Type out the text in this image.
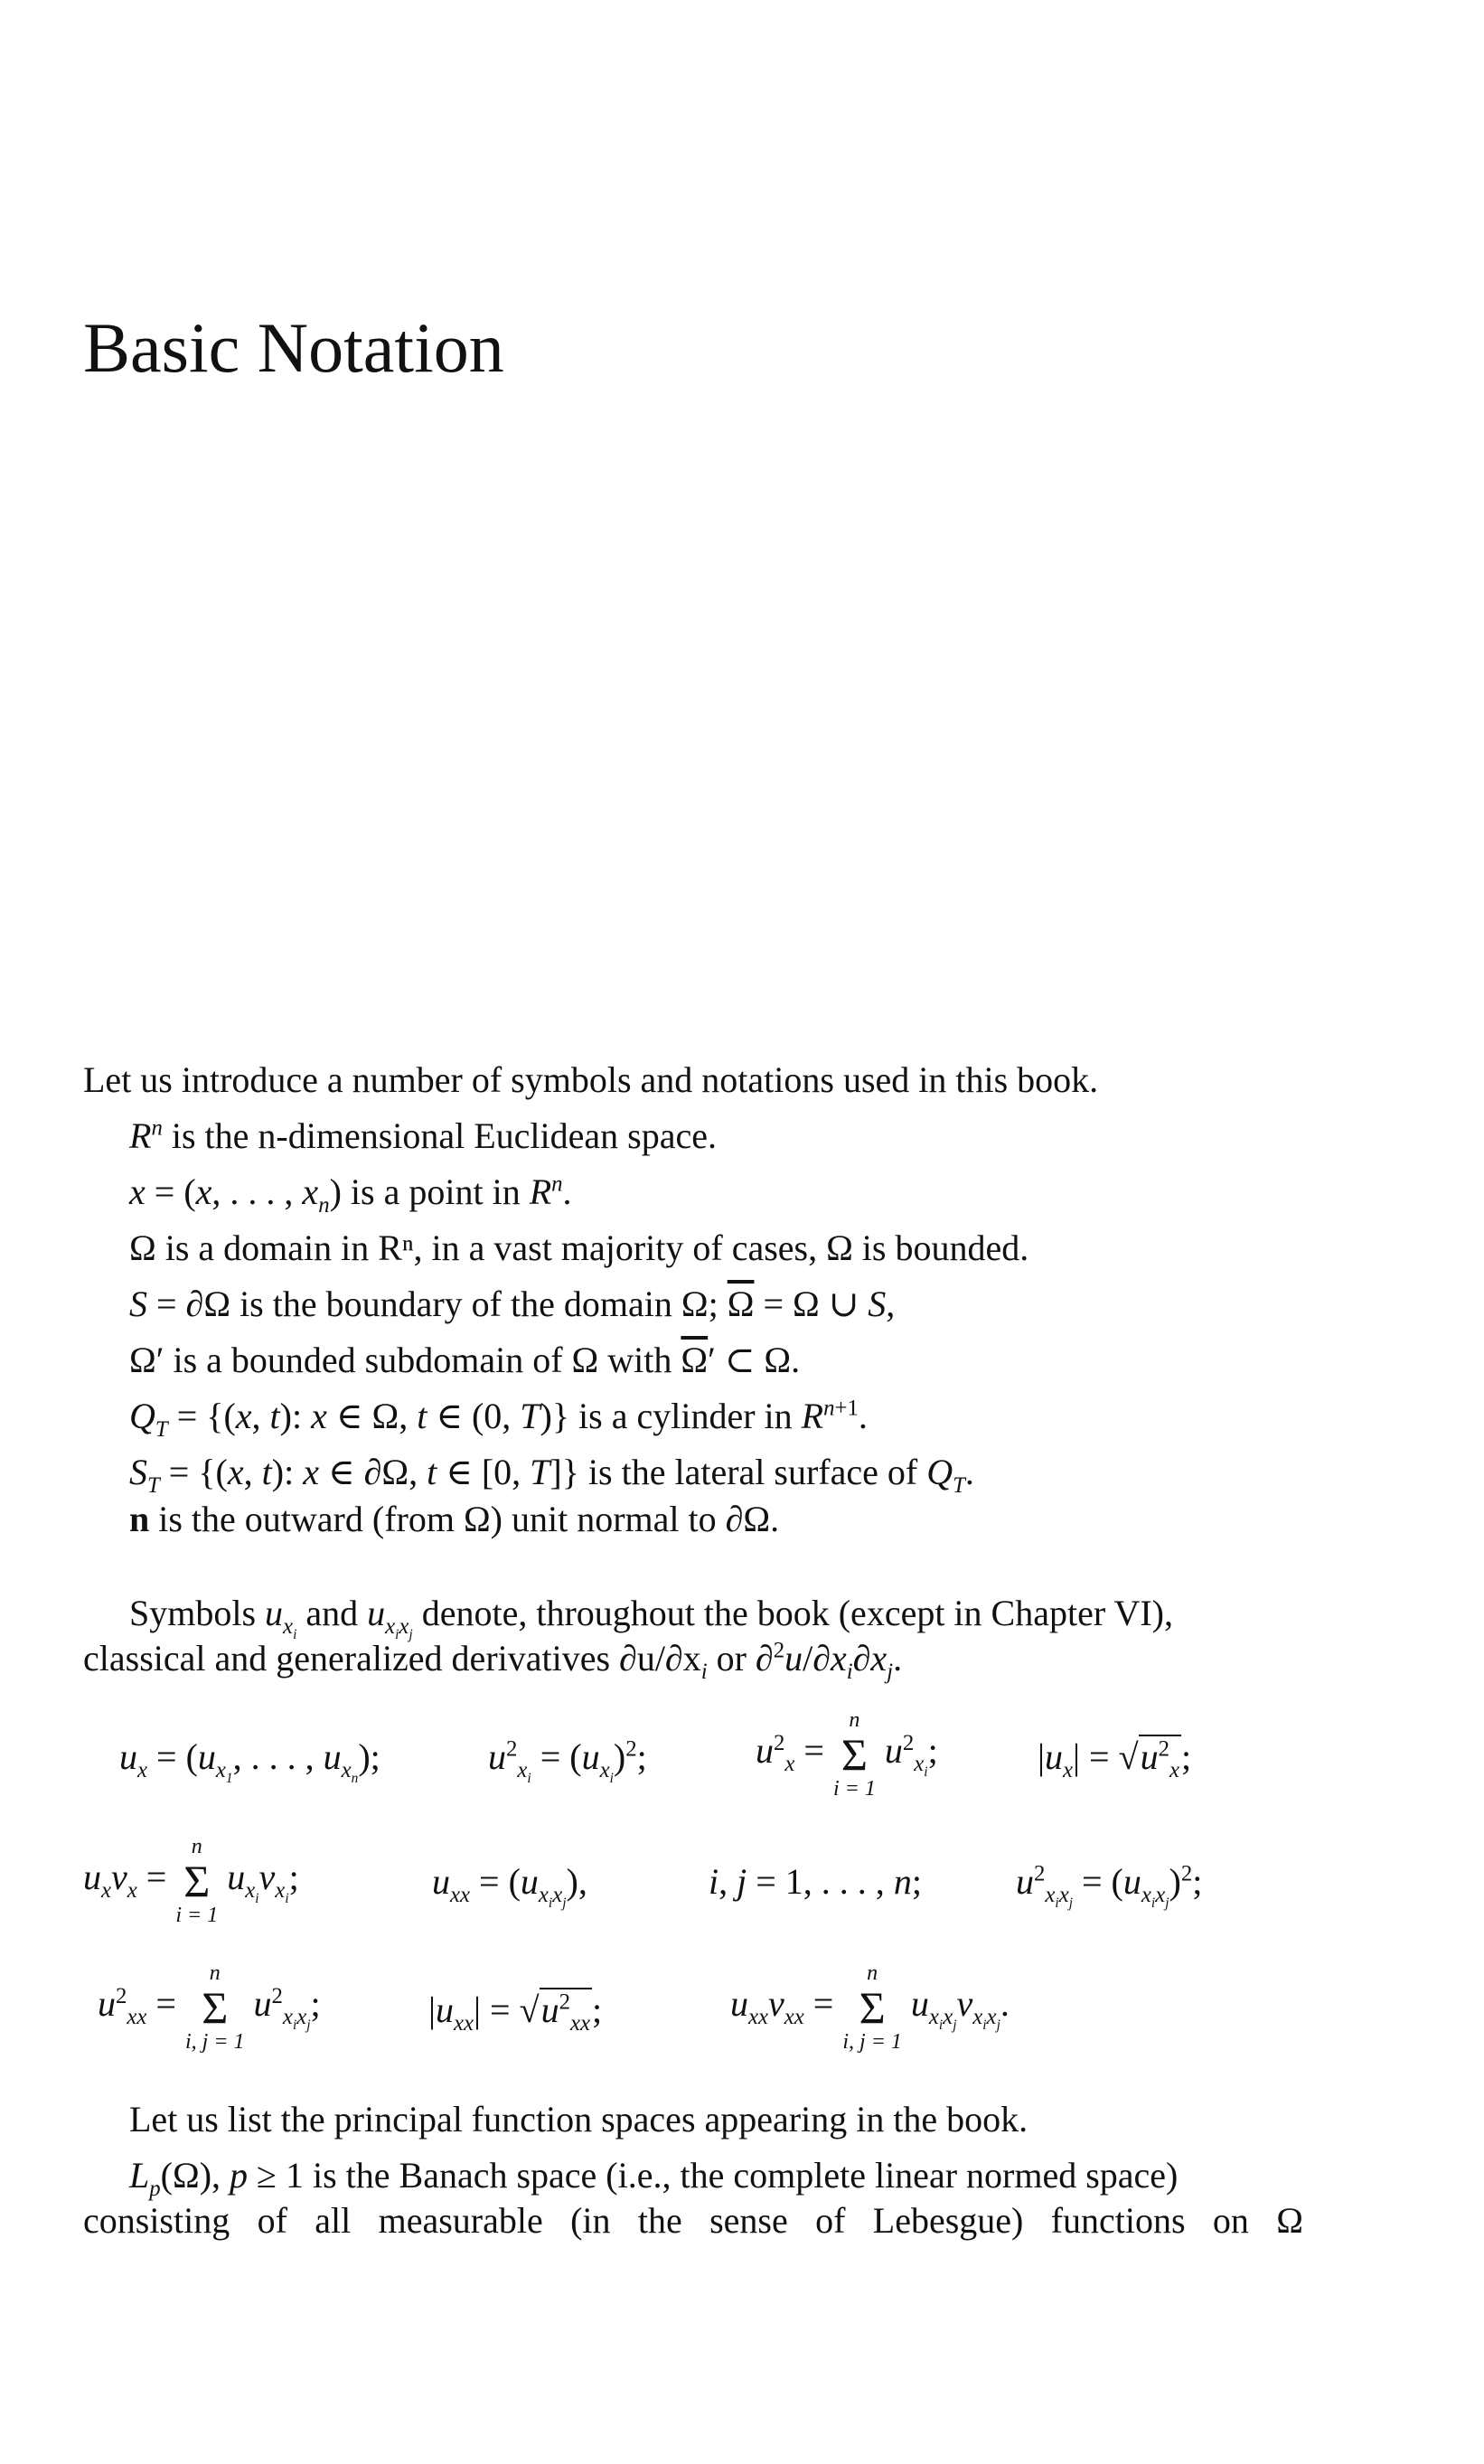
Basic Notation
Let us introduce a number of symbols and notations used in this book.
$R^n$ is the n-dimensional Euclidean space.
x = (x, . . . , $x_n$) is a point in $R^n$.
Ω is a domain in Rⁿ, in a vast majority of cases, Ω is bounded.
S = ∂Ω is the boundary of the domain Ω; $\overline{\Omega} = \Omega$ ∪ S,
Ω′ is a bounded subdomain of Ω with $\overline{\Omega}'$ ⊂ Ω.
$Q_T = \{(x$, t): x ∈ Ω, t ∈ (0, T)} is a cylinder in $R^{n+1}$.
$S_T = \{(x$, t): x ∈ ∂Ω, t ∈ [0, T]} is the lateral surface of $Q_T$.
n is the outward (from Ω) unit normal to ∂Ω.
Symbols $u_{x_i}$ and $u_{x_ix_j}$ denote, throughout the book (except in Chapter VI),
classical and generalized derivatives $\partial u/\partial x_i$ or $\partial^2u/\partial x_i\partial x_j$.
$u_x = (u_{x_1}$, . . . , $u_{x_n}$);	$u^2_{x_i} = (u_{x_i})^2$;	$u^2_x$ =
n
Σ
i = 1
$u^2_{x_i}$;	$|u_x| = √u^2_x$;
$u_xv_x$ =
n
Σ
i = 1
$u_{x_i}v_{x_i}$;	$u_{xx} = (u_{x_ix_j})$,	i, j = 1, . . . , n;	$u^2_{x_ix_j} = (u_{x_ix_j})^2$;
$u^2_{xx}$ =
n
Σ
i, j = 1
$u^2_{x_ix_j}$;	$|u_{xx}| = √u^2_{xx}$;	$u_{xx}v_{xx}$ =
n
Σ
i, j = 1
$u_{x_ix_j}v_{x_ix_j}$.
Let us list the principal function spaces appearing in the book.
$L_p(\Omega)$, p ≥ 1 is the Banach space (i.e., the complete linear normed space)
consisting of all measurable (in the sense of Lebesgue) functions on Ω
